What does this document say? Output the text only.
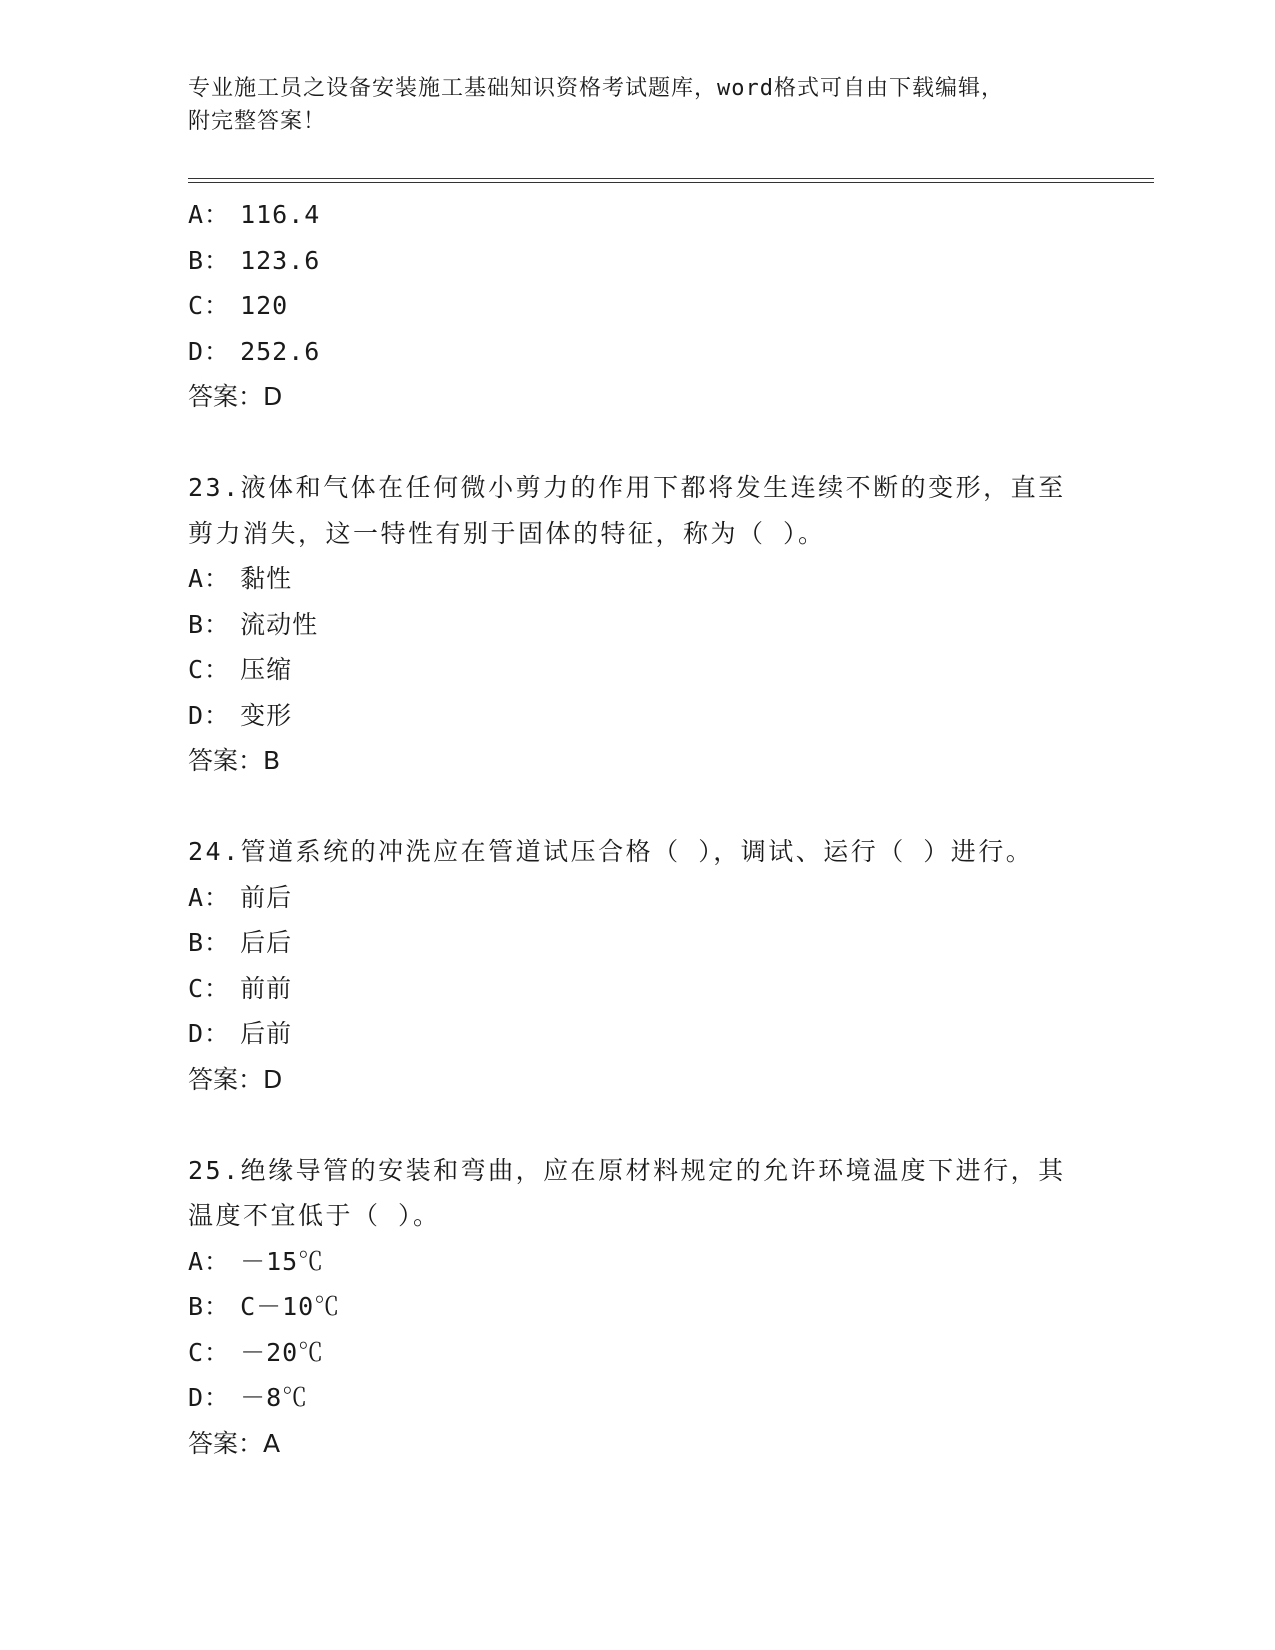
专业施工员之设备安装施工基础知识资格考试题库，word格式可自由下载编辑，
附完整答案！
A： 116.4
B： 123.6
C： 120
D： 252.6
答案：D
23.液体和气体在任何微小剪力的作用下都将发生连续不断的变形，直至剪力消失，这一特性有别于固体的特征，称为（ ）。
A： 黏性
B： 流动性
C： 压缩
D： 变形
答案：B
24.管道系统的冲洗应在管道试压合格（ ），调试、运行（ ）进行。
A： 前后
B： 后后
C： 前前
D： 后前
答案：D
25.绝缘导管的安装和弯曲，应在原材料规定的允许环境温度下进行，其温度不宜低于（ ）。
A： －15℃
B： C－10℃
C： －20℃
D： －8℃
答案：A
